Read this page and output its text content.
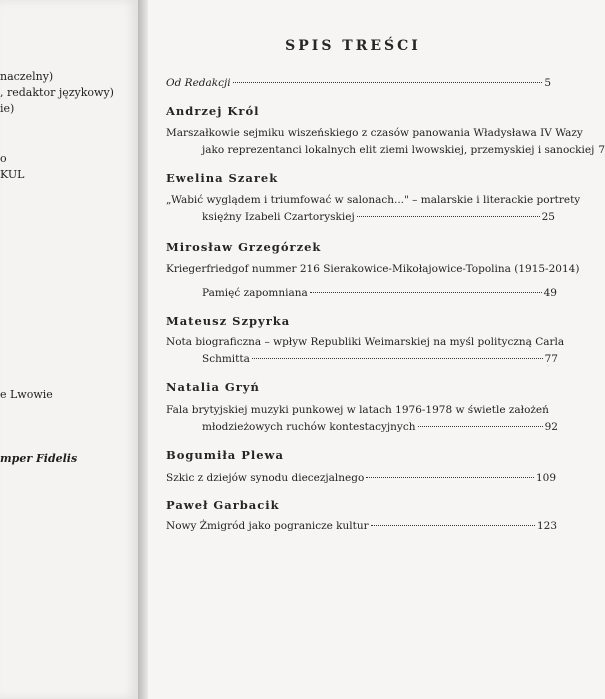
naczelny)
, redaktor językowy)
ie)
o
KUL
e Lwowie
mper Fidelis
SPIS TREŚCI
Od Redakcji	5
Andrzej Król
Marszałkowie sejmiku wiszeńskiego z czasów panowania Władysława IV Wazy
jako reprezentanci lokalnych elit ziemi lwowskiej, przemyskiej i sanockiej 7
Ewelina Szarek
„Wabić wyglądem i triumfować w salonach..." – malarskie i literackie portrety
księżny Izabeli Czartoryskiej	25
Mirosław Grzegórzek
Kriegerfriedgof nummer 216 Sierakowice-Mikołajowice-Topolina (1915-2014)
Pamięć zapomniana	49
Mateusz Szpyrka
Nota biograficzna – wpływ Republiki Weimarskiej na myśl polityczną Carla
Schmitta	77
Natalia Gryń
Fala brytyjskiej muzyki punkowej w latach 1976-1978 w świetle założeń
młodzieżowych ruchów kontestacyjnych	92
Bogumiła Plewa
Szkic z dziejów synodu diecezjalnego	109
Paweł Garbacik
Nowy Żmigród jako pogranicze kultur	123
